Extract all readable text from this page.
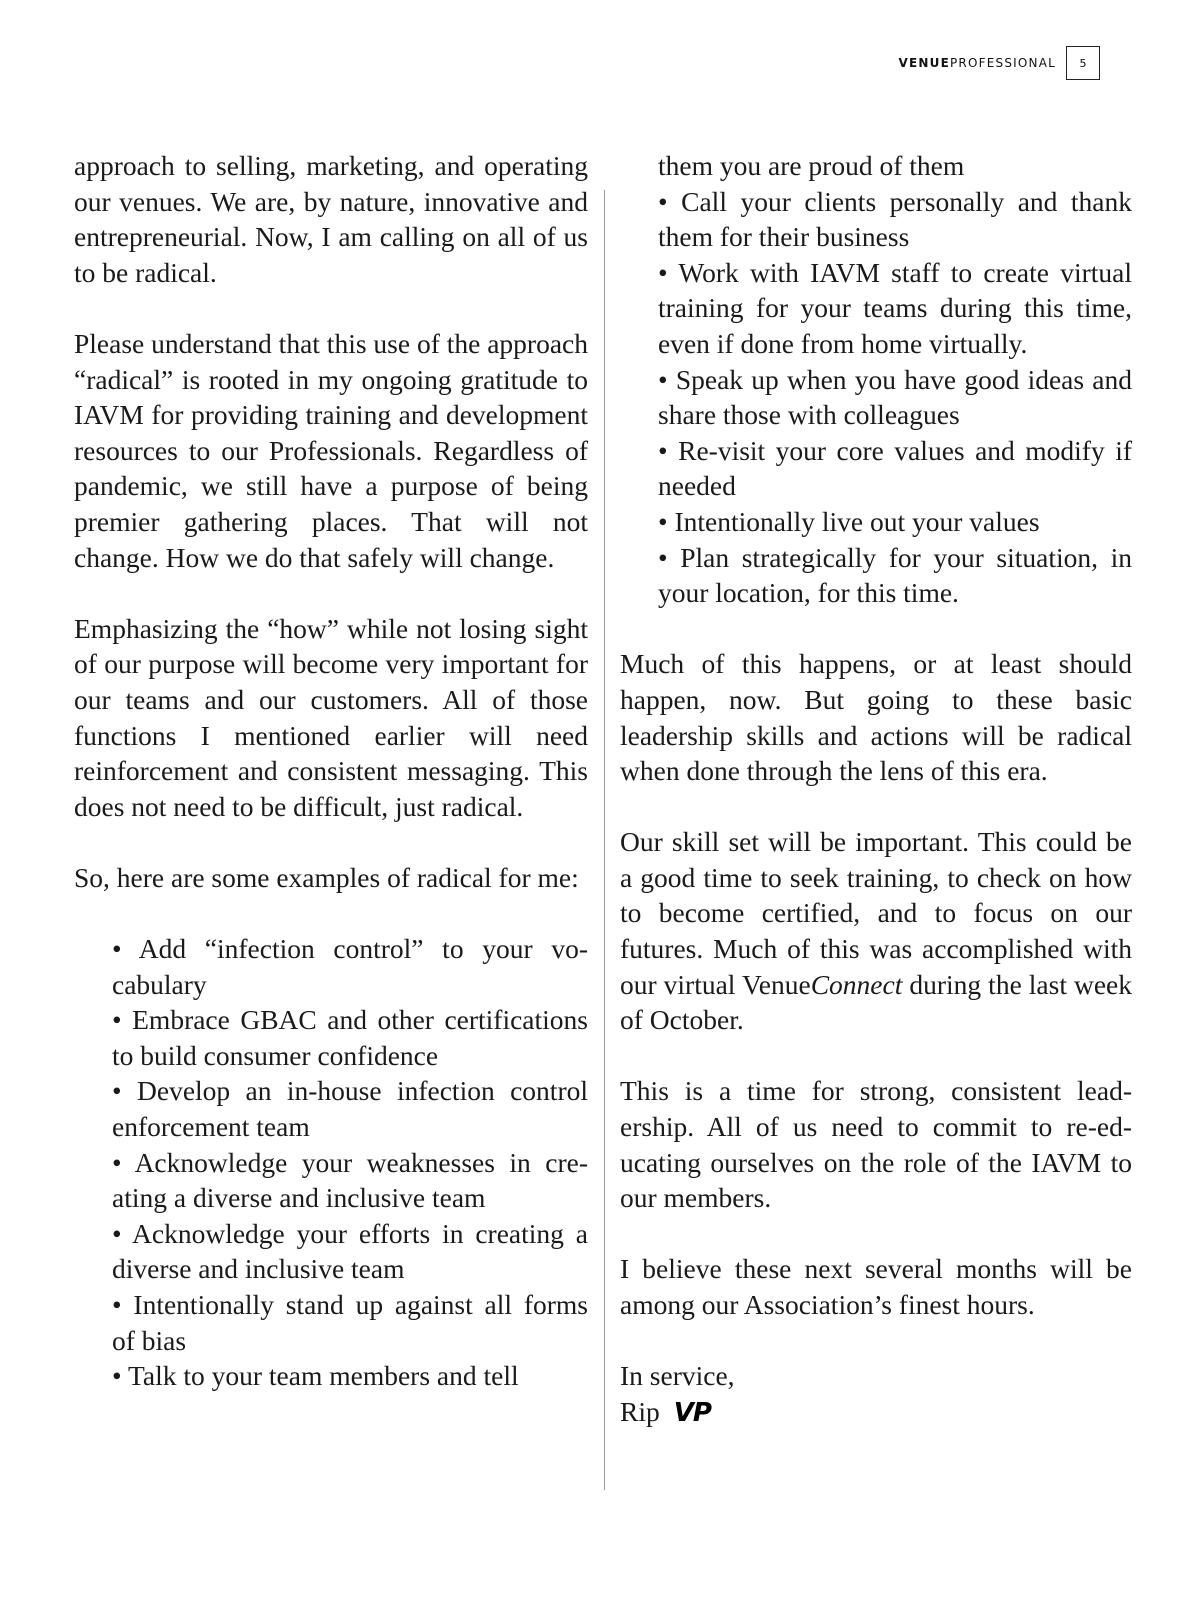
VENUEPROFESSIONAL	5

approach to selling, marketing, and operating our venues. We are, by nature, innovative and entrepreneurial. Now, I am calling on all of us to be radical.

Please understand that this use of the approach “radical” is rooted in my ongoing gratitude to IAVM for providing training and development resources to our Professionals. Regardless of pandemic, we still have a purpose of being premier gathering places. That will not change. How we do that safely will change.

Emphasizing the “how” while not losing sight of our purpose will become very important for our teams and our customers. All of those functions I mentioned earlier will need reinforcement and consistent messaging. This does not need to be difficult, just radical.

So, here are some examples of radical for me:

• Add “infection control” to your vocabulary

• Embrace GBAC and other certifications to build consumer confidence

• Develop an in-house infection control enforcement team

• Acknowledge your weaknesses in creating a diverse and inclusive team

• Acknowledge your efforts in creating a diverse and inclusive team

• Intentionally stand up against all forms of bias

• Talk to your team members and tell

them you are proud of them

• Call your clients personally and thank them for their business

• Work with IAVM staff to create virtual training for your teams during this time, even if done from home virtually.

• Speak up when you have good ideas and share those with colleagues

• Re-visit your core values and modify if needed

• Intentionally live out your values

• Plan strategically for your situation, in your location, for this time.

Much of this happens, or at least should happen, now. But going to these basic leadership skills and actions will be radical when done through the lens of this era.

Our skill set will be important. This could be a good time to seek training, to check on how to become certified, and to focus on our futures. Much of this was accomplished with our virtual VenueConnect during the last week of October.

This is a time for strong, consistent leadership. All of us need to commit to re-educating ourselves on the role of the IAVM to our members.

I believe these next several months will be among our Association’s finest hours.

In service,

Rip VP
